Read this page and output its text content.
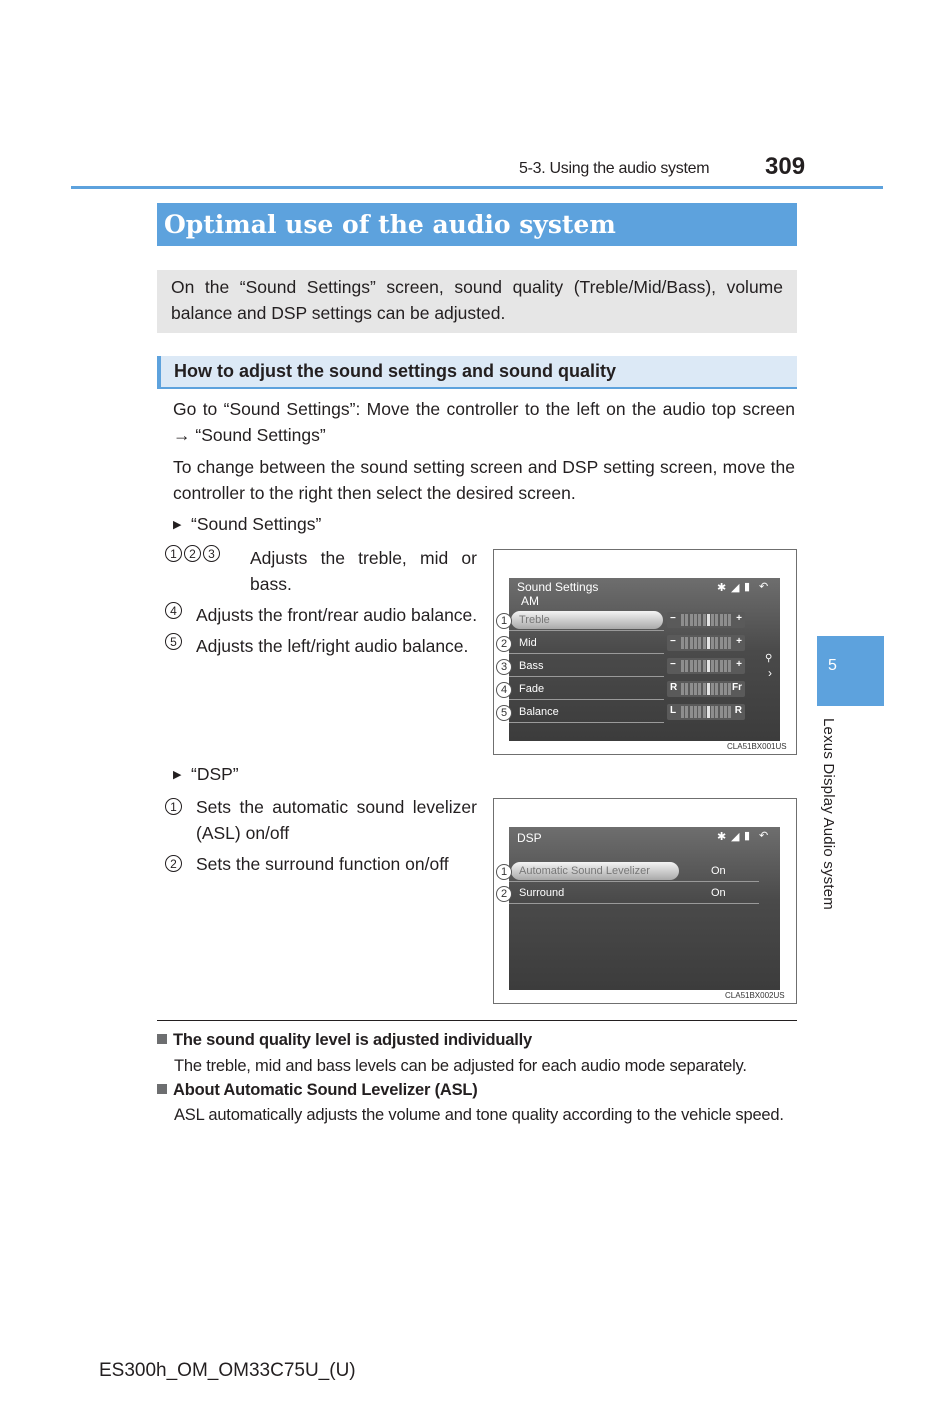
5-3. Using the audio system 309
Optimal use of the audio system
On the “Sound Settings” screen, sound quality (Treble/Mid/Bass), volume balance and DSP settings can be adjusted.
How to adjust the sound settings and sound quality
Go to “Sound Settings”: Move the controller to the left on the audio top screen → “Sound Settings”
To change between the sound setting screen and DSP setting screen, move the controller to the right then select the desired screen.
▶ “Sound Settings”
1 2 3	Adjusts the treble, mid or bass.
4 Adjusts the front/rear audio balance.
5 Adjusts the left/right audio balance.
Sound Settings
AM
✱ ◢ ▮ ↶
Treble	−	+
Mid	−	+
Bass	−	+
Fade	R	Fr
Balance	L	R
⚲
›
1
2
3
4
5
CLA51BX001US
▶ “DSP”
1 Sets the automatic sound levelizer (ASL) on/off
2 Sets the surround function on/off
DSP	✱ ◢ ▮ ↶
Automatic Sound Levelizer	On
Surround	On
1
2
CLA51BX002US
5
Lexus Display Audio system
The sound quality level is adjusted individually
The treble, mid and bass levels can be adjusted for each audio mode separately.
About Automatic Sound Levelizer (ASL)
ASL automatically adjusts the volume and tone quality according to the vehicle speed.
ES300h_OM_OM33C75U_(U)
